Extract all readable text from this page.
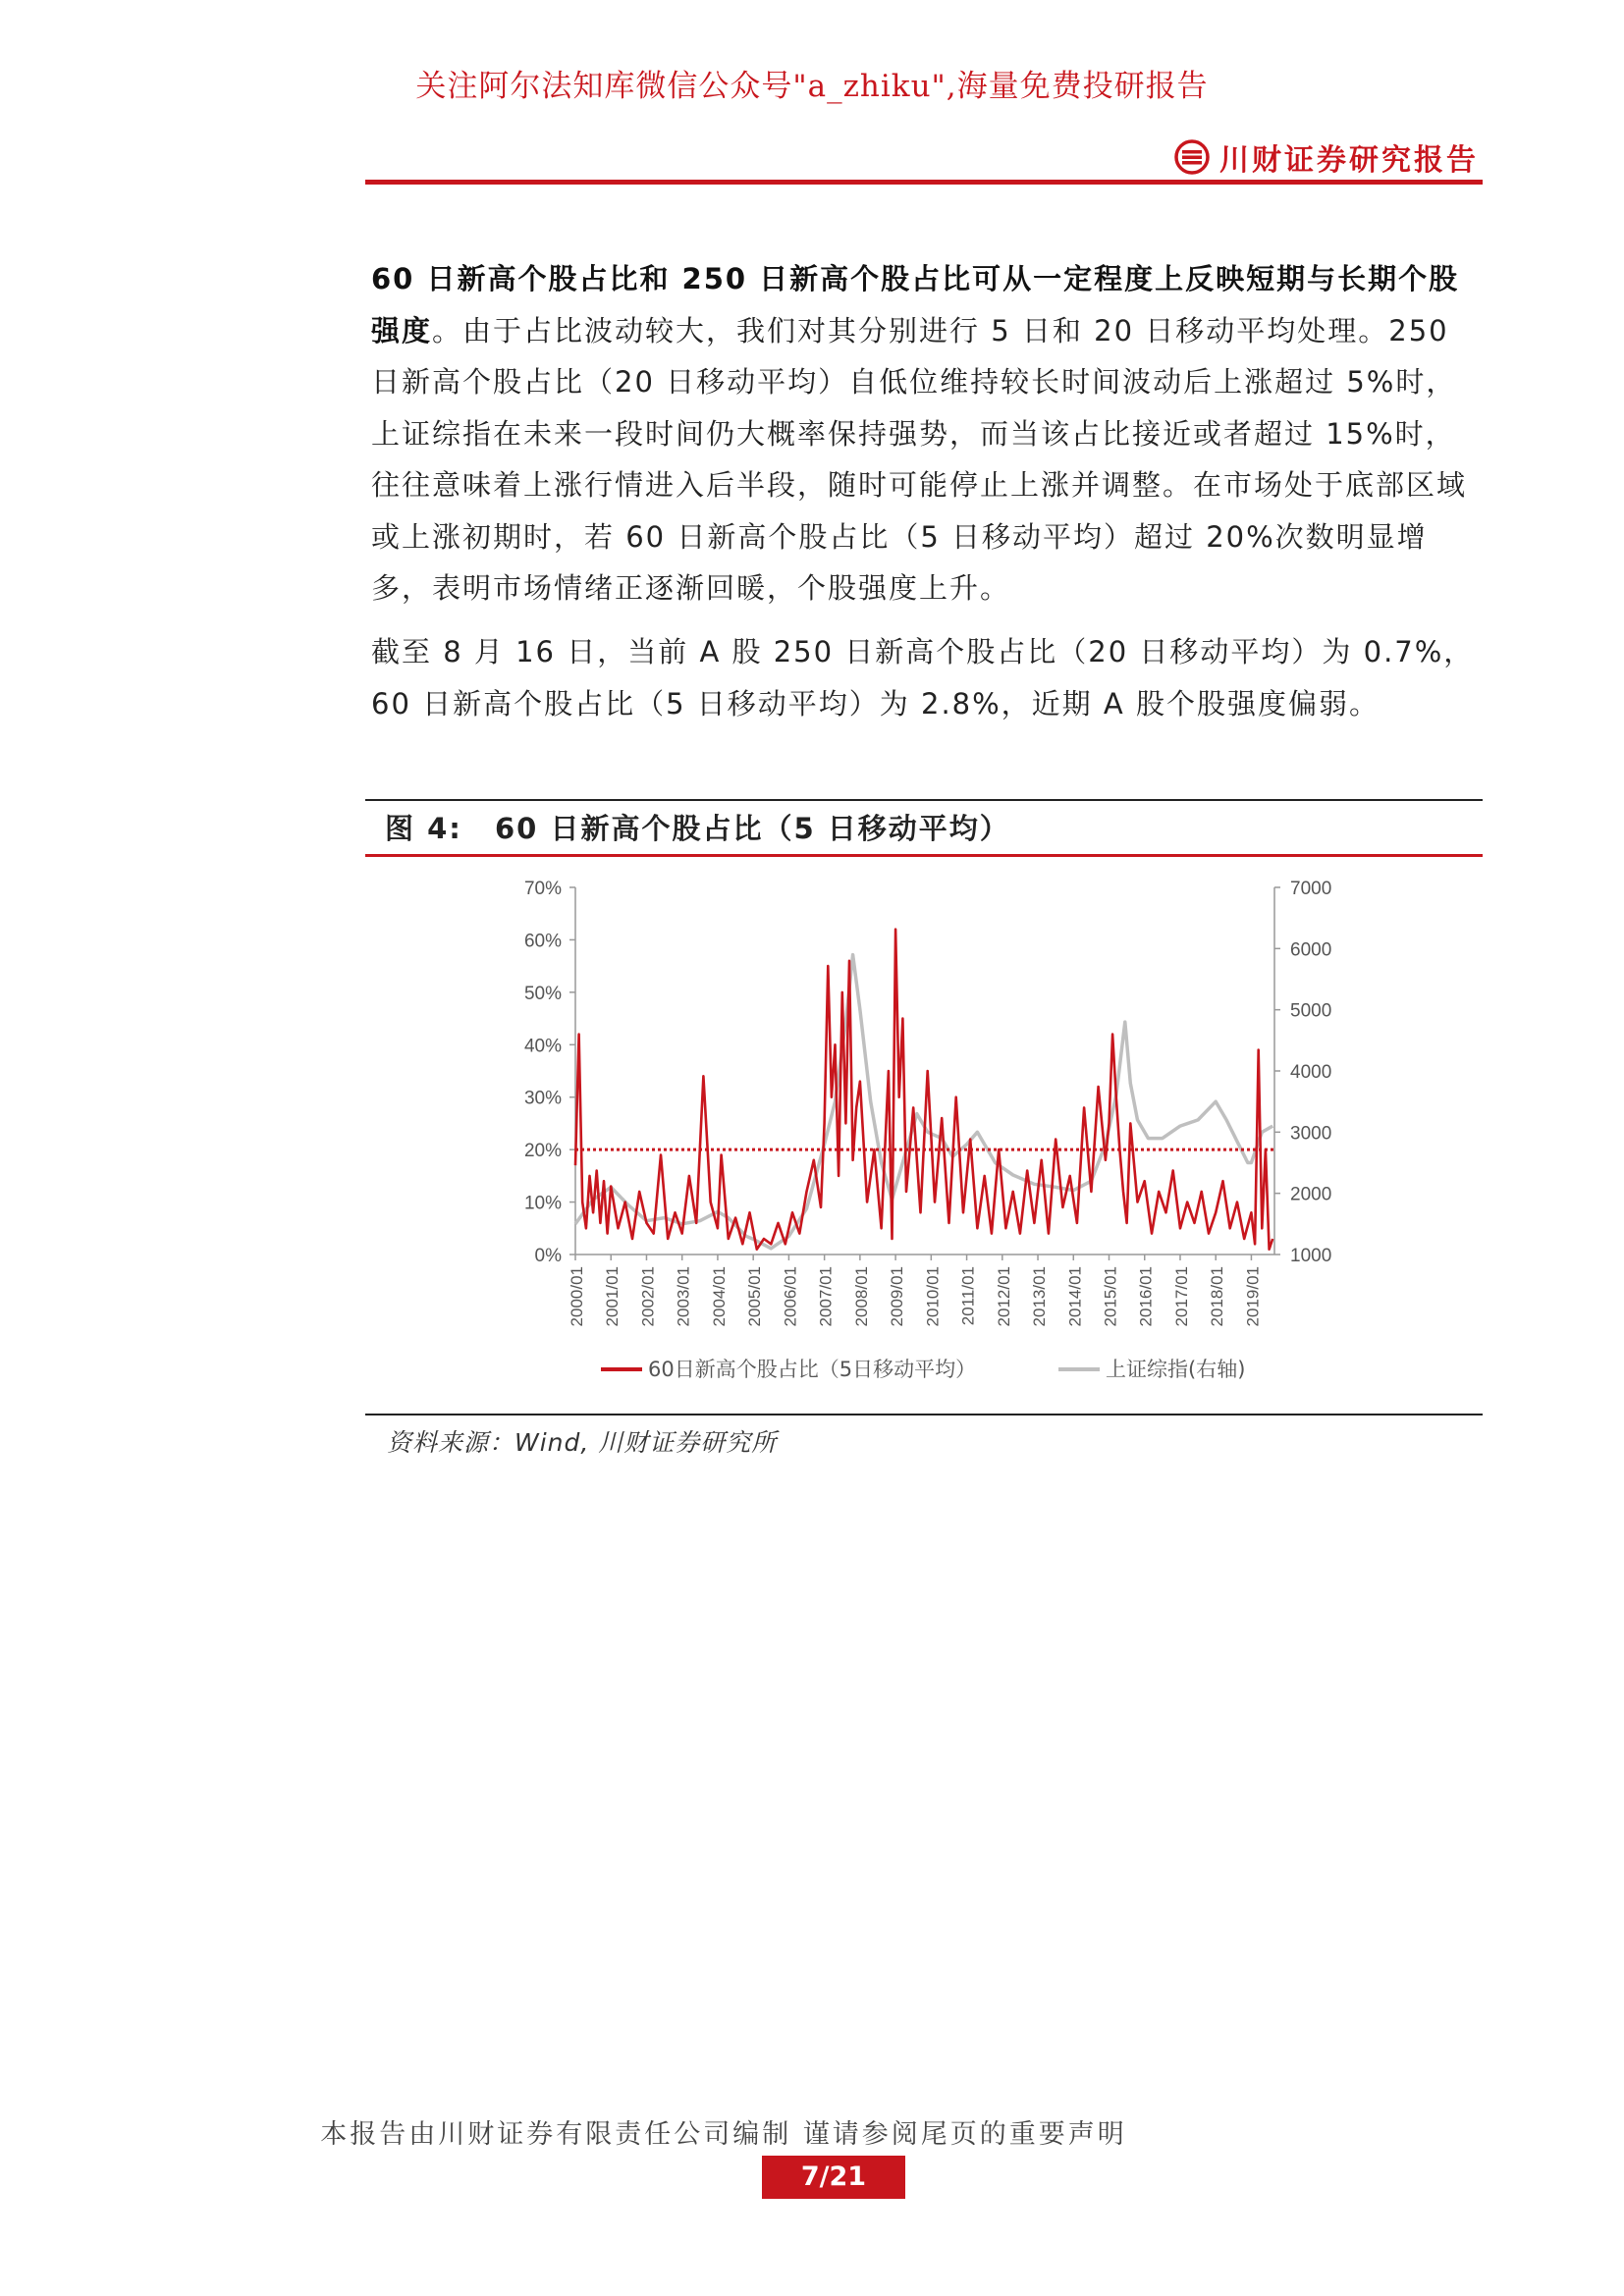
关注阿尔法知库微信公众号"a_zhiku",海量免费投研报告
川财证券研究报告
60 日新高个股占比和 250 日新高个股占比可从一定程度上反映短期与长期个股强度。由于占比波动较大，我们对其分别进行 5 日和 20 日移动平均处理。250 日新高个股占比（20 日移动平均）自低位维持较长时间波动后上涨超过 5%时，上证综指在未来一段时间仍大概率保持强势，而当该占比接近或者超过 15%时，往往意味着上涨行情进入后半段，随时可能停止上涨并调整。在市场处于底部区域或上涨初期时，若 60 日新高个股占比（5 日移动平均）超过 20%次数明显增多，表明市场情绪正逐渐回暖，个股强度上升。
截至 8 月 16 日，当前 A 股 250 日新高个股占比（20 日移动平均）为 0.7%，60 日新高个股占比（5 日移动平均）为 2.8%，近期 A 股个股强度偏弱。
图 4: 60 日新高个股占比（5 日移动平均）
0%
10%
20%
30%
40%
50%
60%
70%
1000
2000
3000
4000
5000
6000
7000
2000/01 2001/01 2002/01 2003/01 2004/01 2005/01 2006/01 2007/01 2008/01 2009/01 2010/01 2011/01 2012/01 2013/01 2014/01 2015/01 2016/01 2017/01 2018/01 2019/01
60日新高个股占比（5日移动平均）	上证综指(右轴)
资料来源：Wind, 川财证券研究所
本报告由川财证券有限责任公司编制 谨请参阅尾页的重要声明
7/21
